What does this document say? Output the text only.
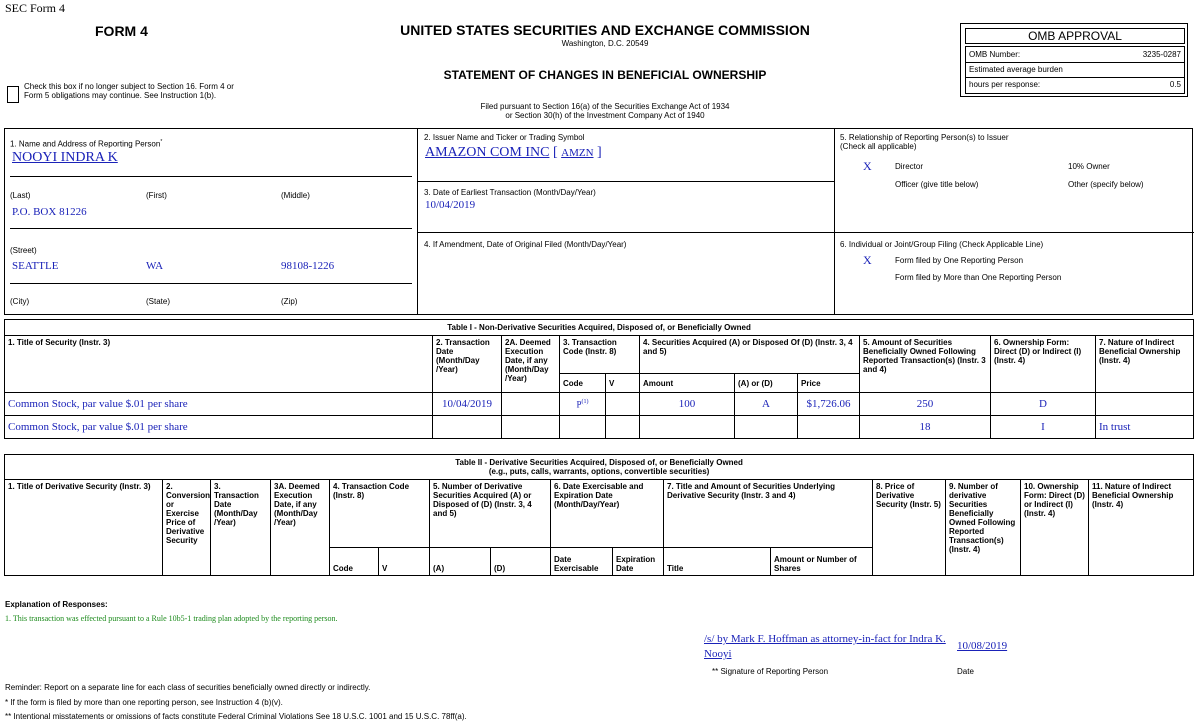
SEC Form 4
FORM 4	UNITED STATES SECURITIES AND EXCHANGE COMMISSION
Washington, D.C. 20549
STATEMENT OF CHANGES IN BENEFICIAL OWNERSHIP
Filed pursuant to Section 16(a) of the Securities Exchange Act of 1934
or Section 30(h) of the Investment Company Act of 1940
Check this box if no longer subject to Section 16. Form 4 or Form 5 obligations may continue. See Instruction 1(b).
OMB APPROVAL
OMB Number:	3235-0287
Estimated average burden
hours per response:	0.5
1. Name and Address of Reporting Person*
NOOYI INDRA K
(Last)	(First)	(Middle)
P.O. BOX 81226
(Street)
SEATTLE	WA	98108-1226
(City)	(State)	(Zip)
2. Issuer Name and Ticker or Trading Symbol
AMAZON COM INC [ AMZN ]
3. Date of Earliest Transaction (Month/Day/Year)
10/04/2019
4. If Amendment, Date of Original Filed (Month/Day/Year)
5. Relationship of Reporting Person(s) to Issuer
(Check all applicable)
X	Director	10% Owner
Officer (give title below)	Other (specify below)
6. Individual or Joint/Group Filing (Check Applicable Line)
X	Form filed by One Reporting Person
Form filed by More than One Reporting Person
Table I - Non-Derivative Securities Acquired, Disposed of, or Beneficially Owned										
1. Title of Security (Instr. 3)	2. Transaction Date (Month/Day /Year)	2A. Deemed Execution Date, if any (Month/Day /Year)	3. Transaction Code (Instr. 8)		4. Securities Acquired (A) or Disposed Of (D) (Instr. 3, 4 and 5)			5. Amount of Securities Beneficially Owned Following Reported Transaction(s) (Instr. 3 and 4)	6. Ownership Form: Direct (D) or Indirect (I) (Instr. 4)	7. Nature of Indirect Beneficial Ownership (Instr. 4)
			Code	V	Amount	(A) or (D)	Price			
Common Stock, par value $.01 per share	10/04/2019		$P^{(1)}$		100	A	$1,726.06	250	D	
Common Stock, par value $.01 per share								18	I	In trust
Table II - Derivative Securities Acquired, Disposed of, or Beneficially Owned
(e.g., puts, calls, warrants, options, convertible securities)															

1. Title of Derivative Security (Instr. 3)	2. Conversion or Exercise Price of Derivative Security	3. Transaction Date (Month/Day /Year)	3A. Deemed Execution Date, if any (Month/Day /Year)	4. Transaction Code (Instr. 8)		5. Number of Derivative Securities Acquired (A) or Disposed of (D) (Instr. 3, 4 and 5)		6. Date Exercisable and Expiration Date (Month/Day/Year)		7. Title and Amount of Securities Underlying Derivative Security (Instr. 3 and 4)		8. Price of Derivative Security (Instr. 5)	9. Number of derivative Securities Beneficially Owned Following Reported Transaction(s) (Instr. 4)	10. Ownership Form: Direct (D) or Indirect (I) (Instr. 4)	11. Nature of Indirect Beneficial Ownership (Instr. 4)
				Code	V	(A)	(D)	Date Exercisable	Expiration Date	Title	Amount or Number of Shares				
Explanation of Responses:
1. This transaction was effected pursuant to a Rule 10b5-1 trading plan adopted by the reporting person.
/s/ by Mark F. Hoffman as attorney-in-fact for Indra K. Nooyi
10/08/2019
** Signature of Reporting Person	Date
Reminder: Report on a separate line for each class of securities beneficially owned directly or indirectly.
* If the form is filed by more than one reporting person, see Instruction 4 (b)(v).
** Intentional misstatements or omissions of facts constitute Federal Criminal Violations See 18 U.S.C. 1001 and 15 U.S.C. 78ff(a).
